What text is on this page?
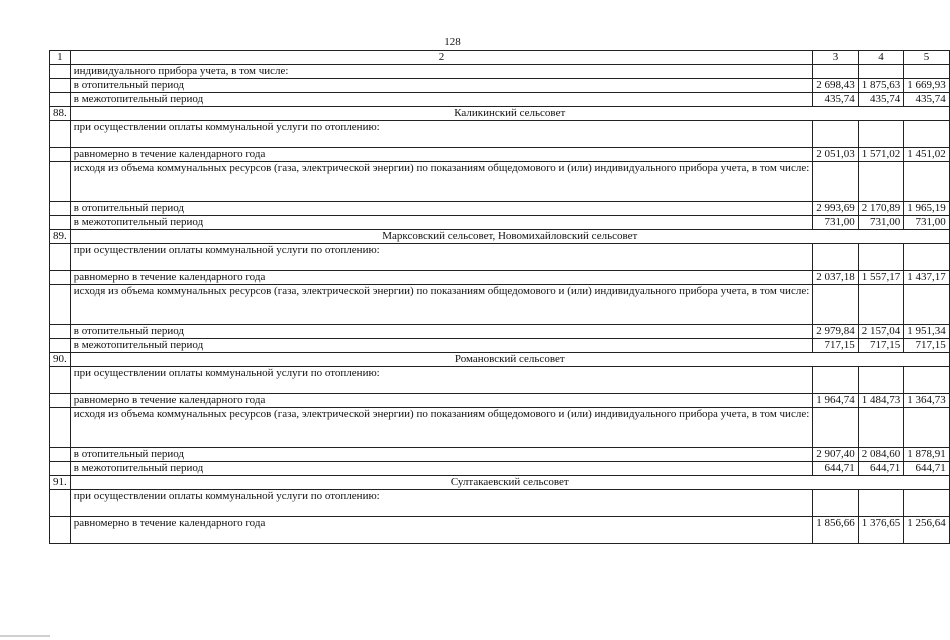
128
1	2	3	4	5
	индивидуального прибора учета, в том числе:			
	в отопительный период	2 698,43	1 875,63	1 669,93
	в межотопительный период	435,74	435,74	435,74
88.	Каликинский сельсовет			
	при осуществлении оплаты коммунальной услуги по отоплению:			
	равномерно в течение календарного года	2 051,03	1 571,02	1 451,02
	исходя из объема коммунальных ресурсов (газа, электрической энергии) по показаниям общедомового и (или) индивидуального прибора учета, в том числе:			
	в отопительный период	2 993,69	2 170,89	1 965,19
	в межотопительный период	731,00	731,00	731,00
89.	Марксовский сельсовет, Новомихайловский сельсовет			
	при осуществлении оплаты коммунальной услуги по отоплению:			
	равномерно в течение календарного года	2 037,18	1 557,17	1 437,17
	исходя из объема коммунальных ресурсов (газа, электрической энергии) по показаниям общедомового и (или) индивидуального прибора учета, в том числе:			
	в отопительный период	2 979,84	2 157,04	1 951,34
	в межотопительный период	717,15	717,15	717,15
90.	Романовский сельсовет			
	при осуществлении оплаты коммунальной услуги по отоплению:			
	равномерно в течение календарного года	1 964,74	1 484,73	1 364,73
	исходя из объема коммунальных ресурсов (газа, электрической энергии) по показаниям общедомового и (или) индивидуального прибора учета, в том числе:			
	в отопительный период	2 907,40	2 084,60	1 878,91
	в межотопительный период	644,71	644,71	644,71
91.	Султакаевский сельсовет			
	при осуществлении оплаты коммунальной услуги по отоплению:			
	равномерно в течение календарного года	1 856,66	1 376,65	1 256,64
